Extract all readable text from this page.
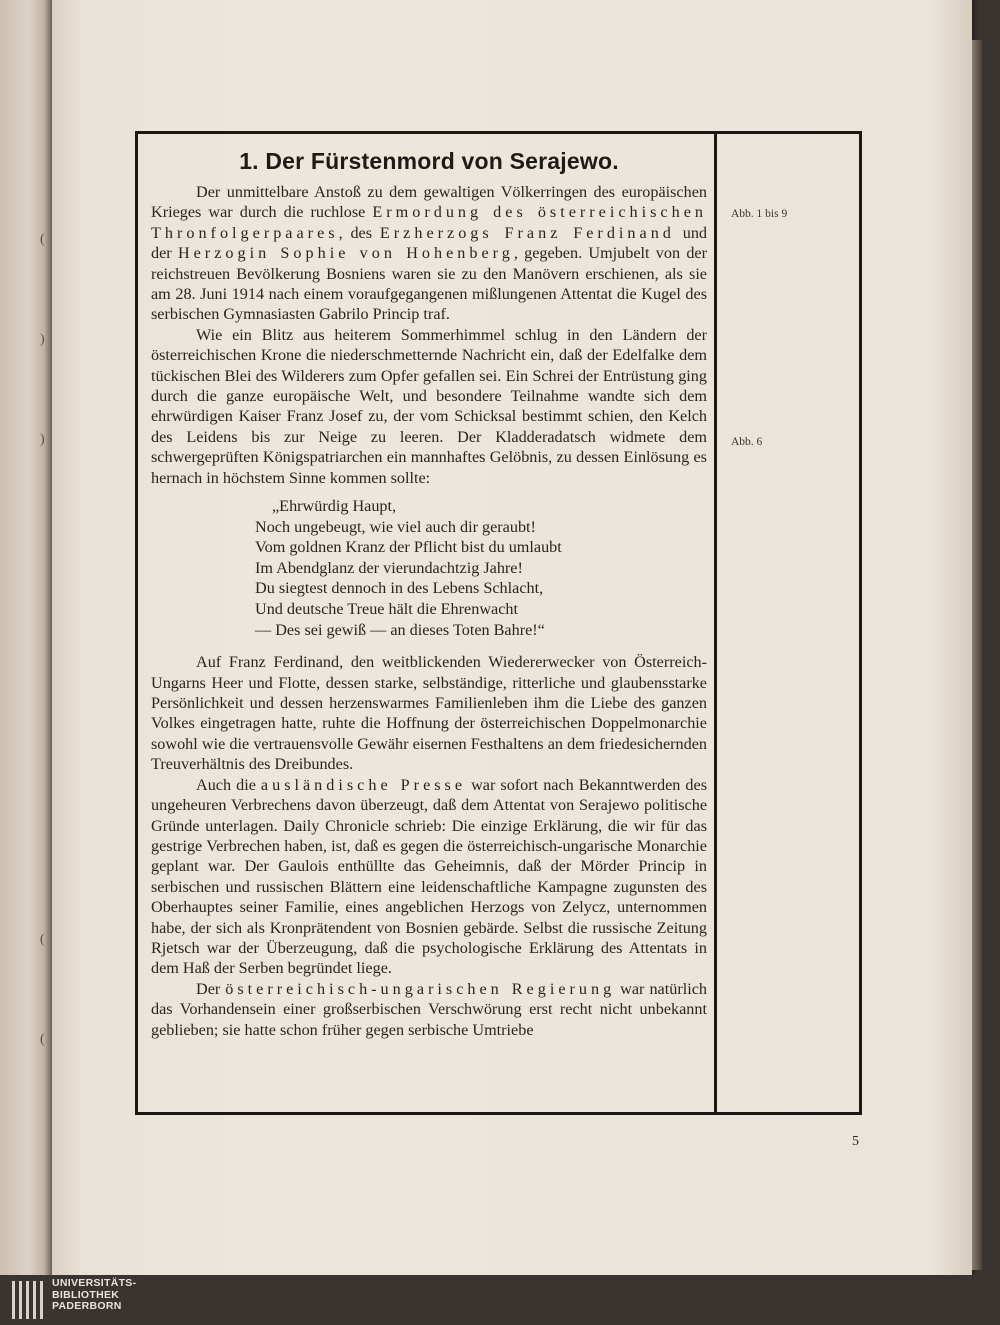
(
)
)
(
(
1. Der Fürstenmord von Serajewo.

Der unmittelbare Anstoß zu dem gewaltigen Völkerringen des europäischen Krieges war durch die ruchlose Ermordung des österreichischen Thronfolgerpaares, des Erzherzogs Franz Ferdinand und der Herzogin Sophie von Hohenberg, gegeben. Umjubelt von der reichstreuen Bevölkerung Bosniens waren sie zu den Manövern erschienen, als sie am 28. Juni 1914 nach einem voraufgegangenen mißlungenen Attentat die Kugel des serbischen Gymnasiasten Gabrilo Princip traf.

Wie ein Blitz aus heiterem Sommerhimmel schlug in den Ländern der österreichischen Krone die niederschmetternde Nachricht ein, daß der Edelfalke dem tückischen Blei des Wilderers zum Opfer gefallen sei. Ein Schrei der Entrüstung ging durch die ganze europäische Welt, und besondere Teilnahme wandte sich dem ehrwürdigen Kaiser Franz Josef zu, der vom Schicksal bestimmt schien, den Kelch des Leidens bis zur Neige zu leeren. Der Kladderadatsch widmete dem schwergeprüften Königspatriarchen ein mannhaftes Gelöbnis, zu dessen Einlösung es hernach in höchstem Sinne kommen sollte:

„Ehrwürdig Haupt,
Noch ungebeugt, wie viel auch dir geraubt!
Vom goldnen Kranz der Pflicht bist du umlaubt
Im Abendglanz der vierundachtzig Jahre!
Du siegtest dennoch in des Lebens Schlacht,
Und deutsche Treue hält die Ehrenwacht
— Des sei gewiß — an dieses Toten Bahre!“

Auf Franz Ferdinand, den weitblickenden Wiedererwecker von Österreich-Ungarns Heer und Flotte, dessen starke, selbständige, ritterliche und glaubensstarke Persönlichkeit und dessen herzenswarmes Familienleben ihm die Liebe des ganzen Volkes eingetragen hatte, ruhte die Hoffnung der österreichischen Doppelmonarchie sowohl wie die vertrauensvolle Gewähr eisernen Festhaltens an dem friedesichernden Treuverhältnis des Dreibundes.

Auch die ausländische Presse war sofort nach Bekanntwerden des ungeheuren Verbrechens davon überzeugt, daß dem Attentat von Serajewo politische Gründe unterlagen. Daily Chronicle schrieb: Die einzige Erklärung, die wir für das gestrige Verbrechen haben, ist, daß es gegen die österreichisch-ungarische Monarchie geplant war. Der Gaulois enthüllte das Geheimnis, daß der Mörder Princip in serbischen und russischen Blättern eine leidenschaftliche Kampagne zugunsten des Oberhauptes seiner Familie, eines angeblichen Herzogs von Zelycz, unternommen habe, der sich als Kronprätendent von Bosnien gebärde. Selbst die russische Zeitung Rjetsch war der Überzeugung, daß die psychologische Erklärung des Attentats in dem Haß der Serben begründet liege.

Der österreichisch-ungarischen Regierung war natürlich das Vorhandensein einer großserbischen Verschwörung erst recht nicht unbekannt geblieben; sie hatte schon früher gegen serbische Umtriebe

Abb. 1 bis 9
Abb. 6
5
UNIVERSITÄTS-
BIBLIOTHEK
PADERBORN
